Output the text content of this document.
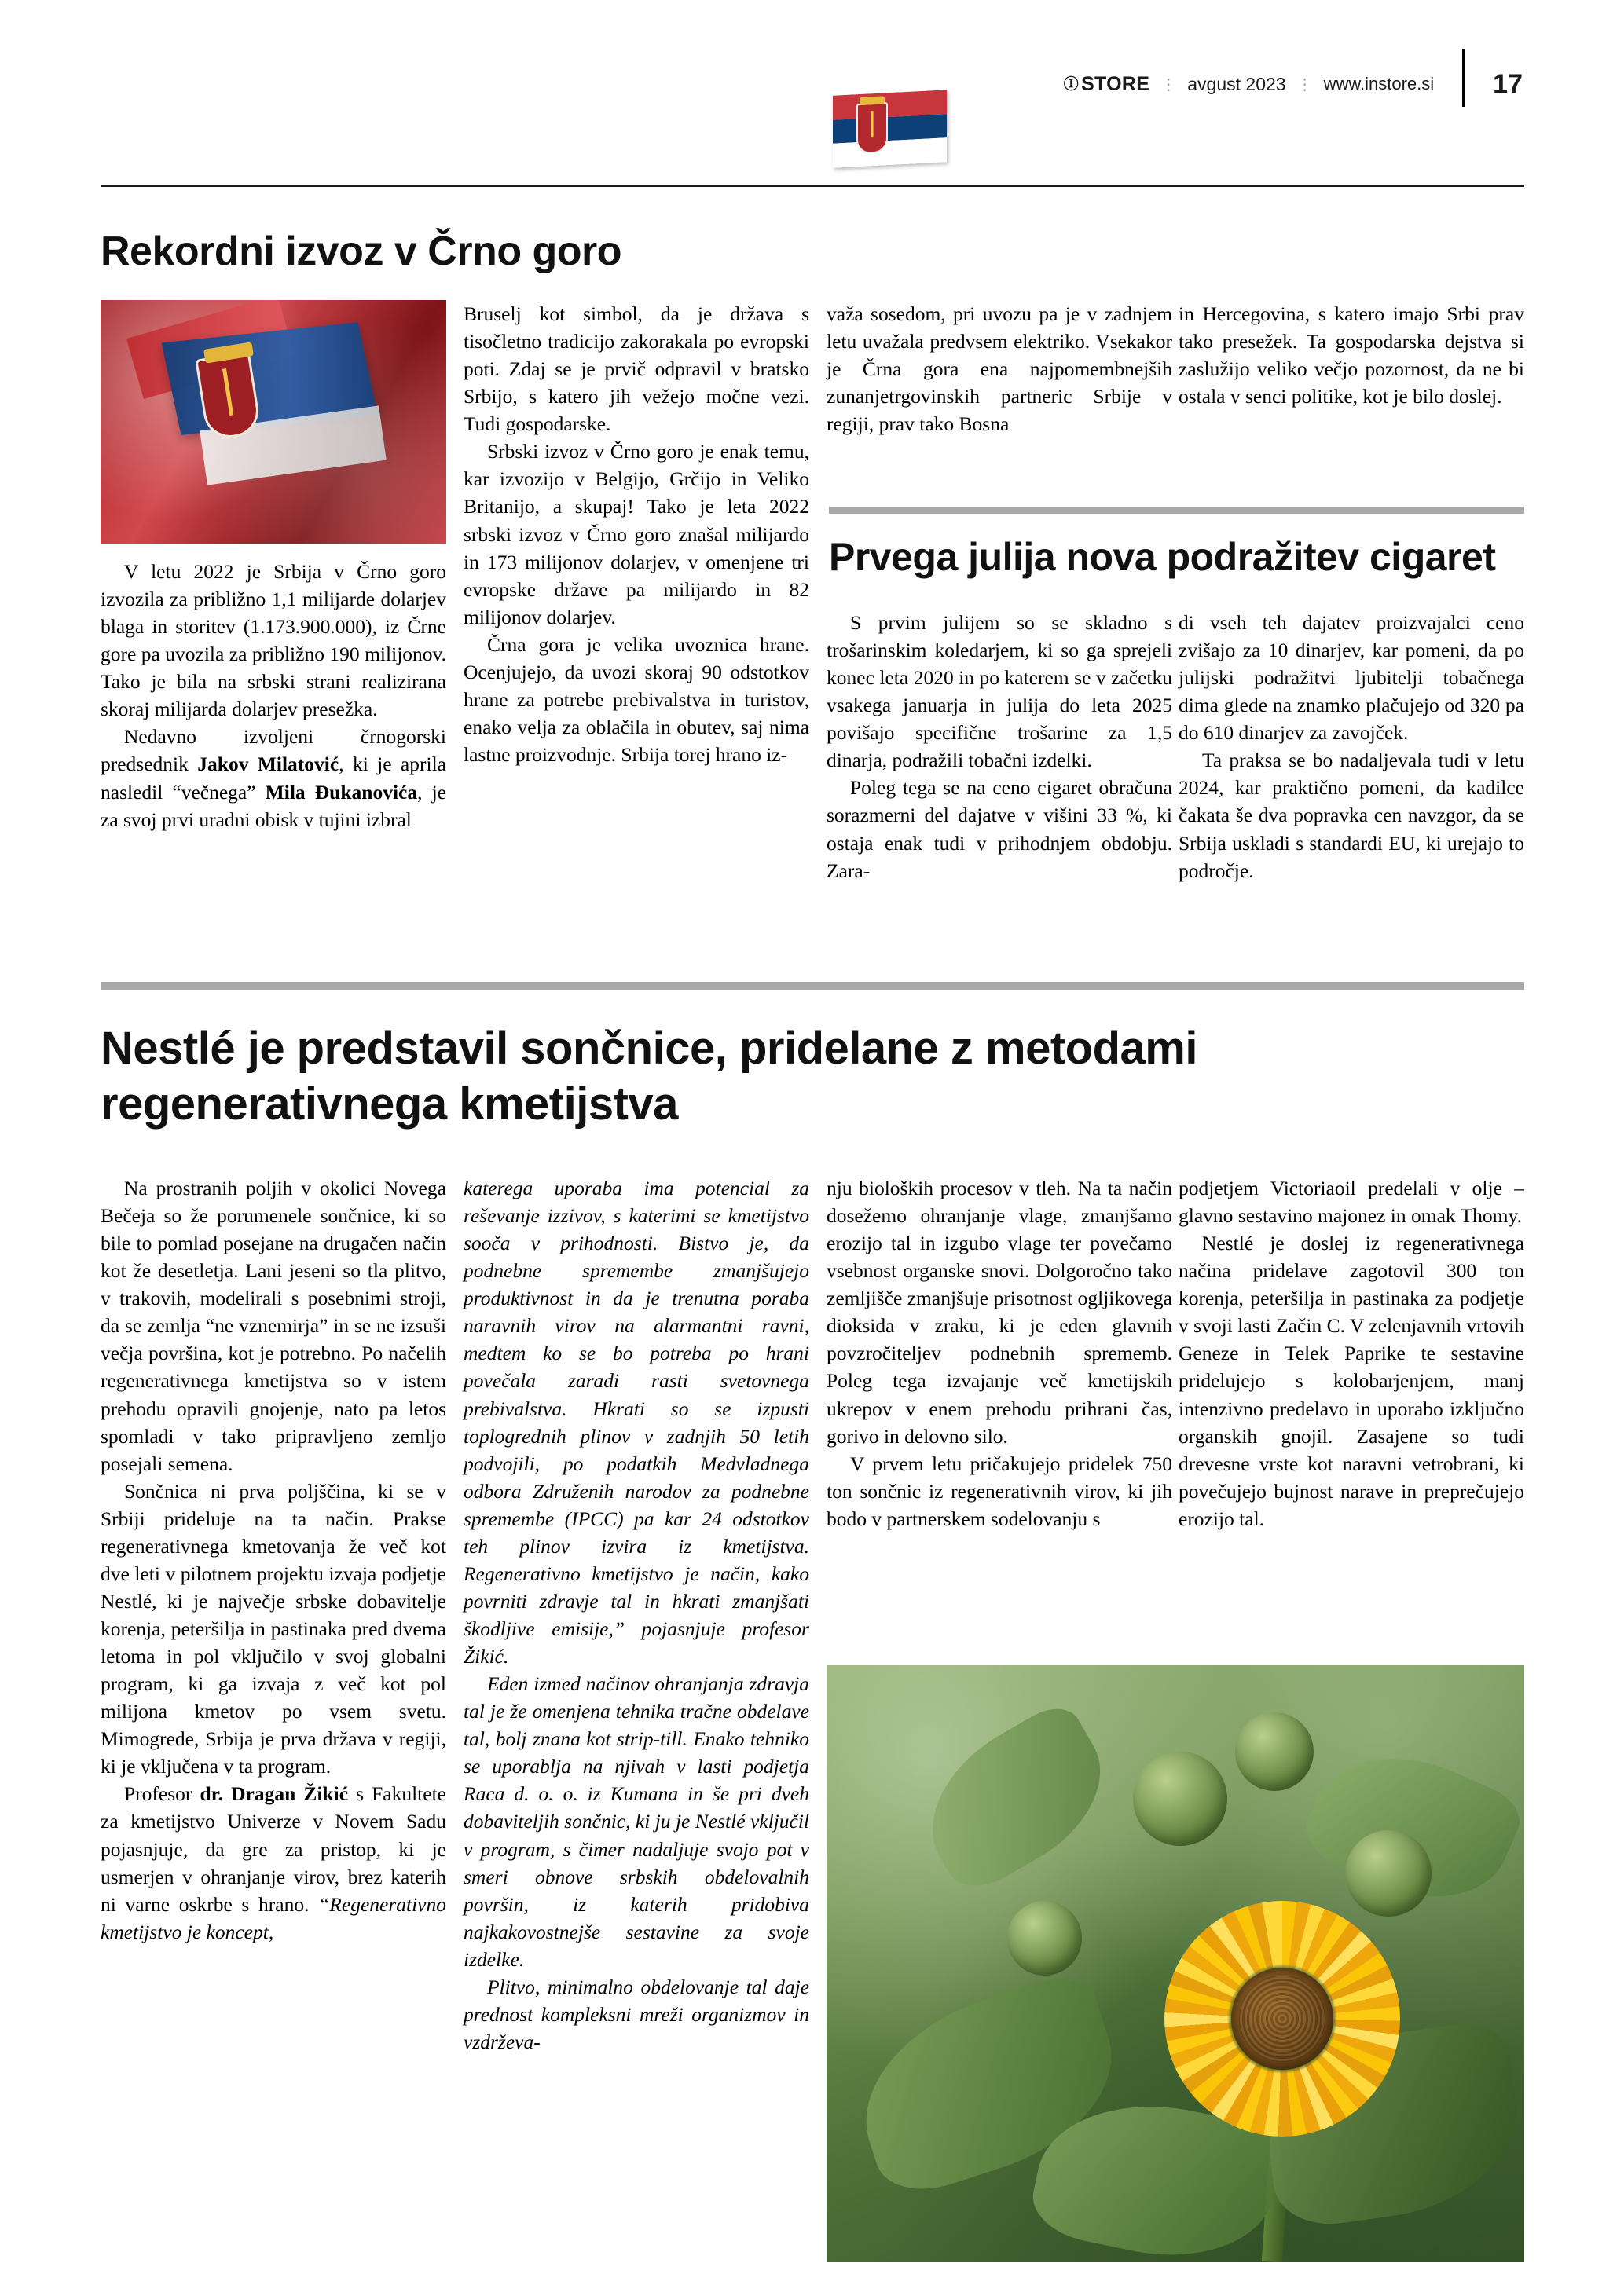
Ⓘ STORE ⋮ avgust 2023 ⋮ www.instore.si 17
Rekordni izvoz v Črno goro

V letu 2022 je Srbija v Črno goro izvozila za približno 1,1 milijarde dolarjev blaga in storitev (1.173.900.000), iz Črne gore pa uvozila za približno 190 milijonov. Tako je bila na srbski strani realizirana skoraj milijarda dolarjev presežka.

Nedavno izvoljeni črnogorski predsednik Jakov Milatović, ki je aprila nasledil “večnega” Mila Đukanovića, je za svoj prvi uradni obisk v tujini izbral

Bruselj kot simbol, da je država s tisočletno tradicijo zakorakala po evropski poti. Zdaj se je prvič odpravil v bratsko Srbijo, s katero jih vežejo močne vezi. Tudi gospodarske.

Srbski izvoz v Črno goro je enak temu, kar izvozijo v Belgijo, Grčijo in Veliko Britanijo, a skupaj! Tako je leta 2022 srbski izvoz v Črno goro znašal milijardo in 173 milijonov dolarjev, v omenjene tri evropske države pa milijardo in 82 milijonov dolarjev.

Črna gora je velika uvoznica hrane. Ocenjujejo, da uvozi skoraj 90 odstotkov hrane za potrebe prebivalstva in turistov, enako velja za oblačila in obutev, saj nima lastne proizvodnje. Srbija torej hrano iz-

važa sosedom, pri uvozu pa je v zadnjem letu uvažala predvsem elektriko. Vsekakor je Črna gora ena najpomembnejših zunanjetrgovinskih partneric Srbije v regiji, prav tako Bosna

in Hercegovina, s katero imajo Srbi prav tako presežek. Ta gospodarska dejstva si zaslužijo veliko večjo pozornost, da ne bi ostala v senci politike, kot je bilo doslej.

Prvega julija nova podražitev cigaret

S prvim julijem so se skladno s trošarinskim koledarjem, ki so ga sprejeli konec leta 2020 in po katerem se v začetku vsakega januarja in julija do leta 2025 povišajo specifične trošarine za 1,5 dinarja, podražili tobačni izdelki.

Poleg tega se na ceno cigaret obračuna sorazmerni del dajatve v višini 33 %, ki ostaja enak tudi v prihodnjem obdobju. Zara-

di vseh teh dajatev proizvajalci ceno zvišajo za 10 dinarjev, kar pomeni, da po julijski podražitvi ljubitelji tobačnega dima glede na znamko plačujejo od 320 pa do 610 dinarjev za zavojček.

Ta praksa se bo nadaljevala tudi v letu 2024, kar praktično pomeni, da kadilce čakata še dva popravka cen navzgor, da se Srbija uskladi s standardi EU, ki urejajo to področje.

Nestlé je predstavil sončnice, pridelane z metodami regenerativnega kmetijstva

Na prostranih poljih v okolici Novega Bečeja so že porumenele sončnice, ki so bile to pomlad posejane na drugačen način kot že desetletja. Lani jeseni so tla plitvo, v trakovih, modelirali s posebnimi stroji, da se zemlja “ne vznemirja” in se ne izsuši večja površina, kot je potrebno. Po načelih regenerativnega kmetijstva so v istem prehodu opravili gnojenje, nato pa letos spomladi v tako pripravljeno zemljo posejali semena.

Sončnica ni prva poljščina, ki se v Srbiji prideluje na ta način. Prakse regenerativnega kmetovanja že več kot dve leti v pilotnem projektu izvaja podjetje Nestlé, ki je največje srbske dobavitelje korenja, peteršilja in pastinaka pred dvema letoma in pol vključilo v svoj globalni program, ki ga izvaja z več kot pol milijona kmetov po vsem svetu. Mimogrede, Srbija je prva država v regiji, ki je vključena v ta program.

Profesor dr. Dragan Žikić s Fakultete za kmetijstvo Univerze v Novem Sadu pojasnjuje, da gre za pristop, ki je usmerjen v ohranjanje virov, brez katerih ni varne oskrbe s hrano. “Regenerativno kmetijstvo je koncept,

katerega uporaba ima potencial za reševanje izzivov, s katerimi se kmetijstvo sooča v prihodnosti. Bistvo je, da podnebne spremembe zmanjšujejo produktivnost in da je trenutna poraba naravnih virov na alarmantni ravni, medtem ko se bo potreba po hrani povečala zaradi rasti svetovnega prebivalstva. Hkrati so se izpusti toplogrednih plinov v zadnjih 50 letih podvojili, po podatkih Medvladnega odbora Združenih narodov za podnebne spremembe (IPCC) pa kar 24 odstotkov teh plinov izvira iz kmetijstva. Regenerativno kmetijstvo je način, kako povrniti zdravje tal in hkrati zmanjšati škodljive emisije,” pojasnjuje profesor Žikić.

Eden izmed načinov ohranjanja zdravja tal je že omenjena tehnika tračne obdelave tal, bolj znana kot strip-till. Enako tehniko se uporablja na njivah v lasti podjetja Raca d. o. o. iz Kumana in še pri dveh dobaviteljih sončnic, ki ju je Nestlé vključil v program, s čimer nadaljuje svojo pot v smeri obnove srbskih obdelovalnih površin, iz katerih pridobiva najkakovostnejše sestavine za svoje izdelke.

Plitvo, minimalno obdelovanje tal daje prednost kompleksni mreži organizmov in vzdrževa-

nju bioloških procesov v tleh. Na ta način dosežemo ohranjanje vlage, zmanjšamo erozijo tal in izgubo vlage ter povečamo vsebnost organske snovi. Dolgoročno tako zemljišče zmanjšuje prisotnost ogljikovega dioksida v zraku, ki je eden glavnih povzročiteljev podnebnih sprememb. Poleg tega izvajanje več kmetijskih ukrepov v enem prehodu prihrani čas, gorivo in delovno silo.

V prvem letu pričakujejo pridelek 750 ton sončnic iz regenerativnih virov, ki jih bodo v partnerskem sodelovanju s

podjetjem Victoriaoil predelali v olje – glavno sestavino majonez in omak Thomy.

Nestlé je doslej iz regenerativnega načina pridelave zagotovil 300 ton korenja, peteršilja in pastinaka za podjetje v svoji lasti Začin C. V zelenjavnih vrtovih Geneze in Telek Paprike te sestavine pridelujejo s kolobarjenjem, manj intenzivno predelavo in uporabo izključno organskih gnojil. Zasajene so tudi drevesne vrste kot naravni vetrobrani, ki povečujejo bujnost narave in preprečujejo erozijo tal.
